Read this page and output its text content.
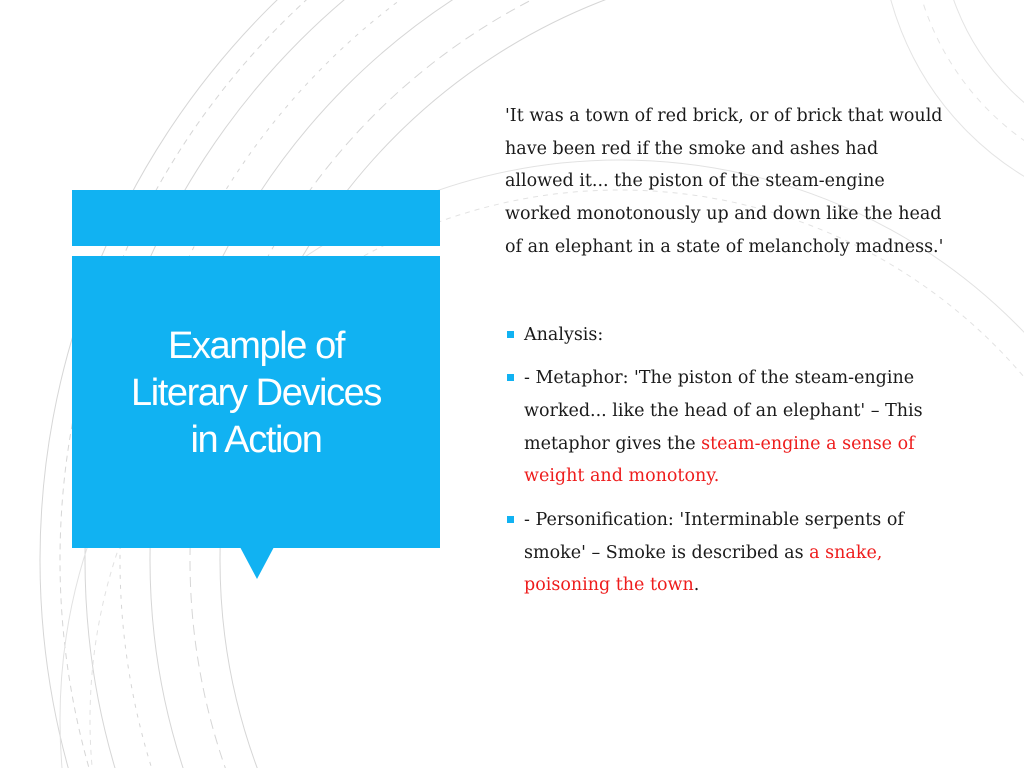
Example of
Literary Devices
in Action

'It was a town of red brick, or of brick that would have been red if the smoke and ashes had allowed it... the piston of the steam-engine worked monotonously up and down like the head of an elephant in a state of melancholy madness.'

Analysis:
- Metaphor: 'The piston of the steam-engine worked... like the head of an elephant' – This metaphor gives the steam-engine a sense of weight and monotony.
- Personification: 'Interminable serpents of smoke' – Smoke is described as a snake, poisoning the town.
